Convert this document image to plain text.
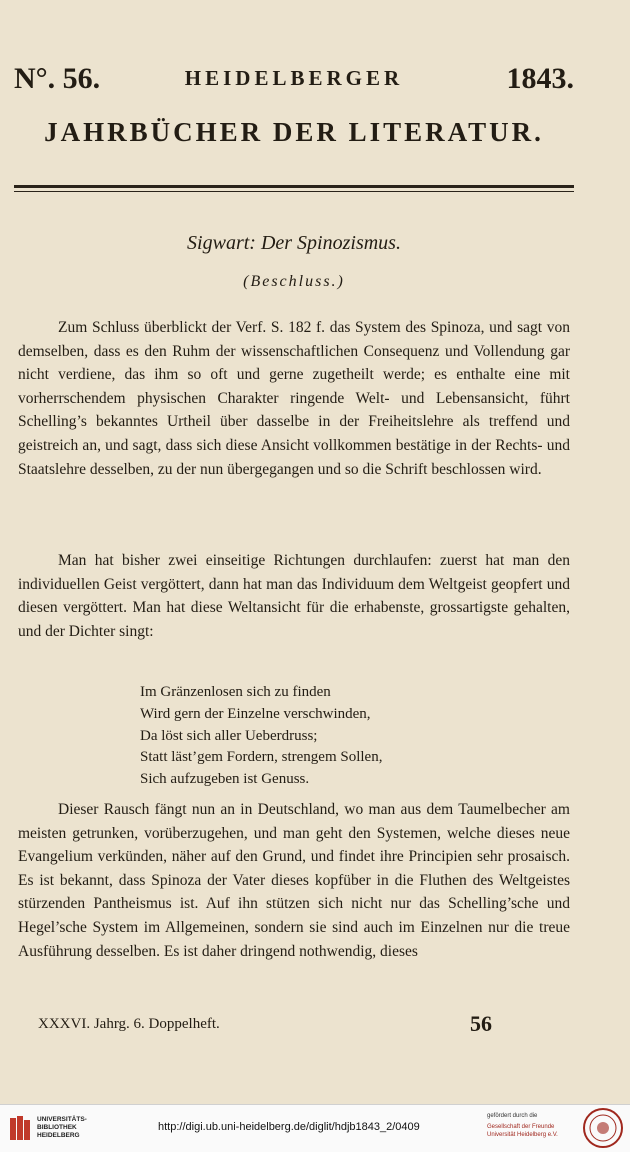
N°. 56.	HEIDELBERGER	1843.
JAHRBÜCHER DER LITERATUR.
Sigwart: Der Spinozismus.
(Beschluss.)

Zum Schluss überblickt der Verf. S. 182 f. das System des Spinoza, und sagt von demselben, dass es den Ruhm der wissenschaftlichen Consequenz und Vollendung gar nicht verdiene, das ihm so oft und gerne zugetheilt werde; es enthalte eine mit vorherrschendem physischen Charakter ringende Welt- und Lebensansicht, führt Schelling’s bekanntes Urtheil über dasselbe in der Freiheitslehre als treffend und geistreich an, und sagt, dass sich diese Ansicht vollkommen bestätige in der Rechts- und Staatslehre desselben, zu der nun übergegangen und so die Schrift beschlossen wird.

Man hat bisher zwei einseitige Richtungen durchlaufen: zuerst hat man den individuellen Geist vergöttert, dann hat man das Individuum dem Weltgeist geopfert und diesen vergöttert. Man hat diese Weltansicht für die erhabenste, grossartigste gehalten, und der Dichter singt:

Im Gränzenlosen sich zu finden
Wird gern der Einzelne verschwinden,
Da löst sich aller Ueberdruss;
Statt läst’gem Fordern, strengem Sollen,
Sich aufzugeben ist Genuss.

Dieser Rausch fängt nun an in Deutschland, wo man aus dem Taumelbecher am meisten getrunken, vorüberzugehen, und man geht den Systemen, welche dieses neue Evangelium verkünden, näher auf den Grund, und findet ihre Principien sehr prosaisch. Es ist bekannt, dass Spinoza der Vater dieses kopfüber in die Fluthen des Weltgeistes stürzenden Pantheismus ist. Auf ihn stützen sich nicht nur das Schelling’sche und Hegel’sche System im Allgemeinen, sondern sie sind auch im Einzelnen nur die treue Ausführung desselben. Es ist daher dringend nothwendig, dieses

XXXVI. Jahrg. 6. Doppelheft.	56
UNIVERSITÄTS-
BIBLIOTHEK
HEIDELBERG
http://digi.ub.uni-heidelberg.de/diglit/hdjb1843_2/0409
gefördert durch die
Gesellschaft der Freunde
Universität Heidelberg e.V.
